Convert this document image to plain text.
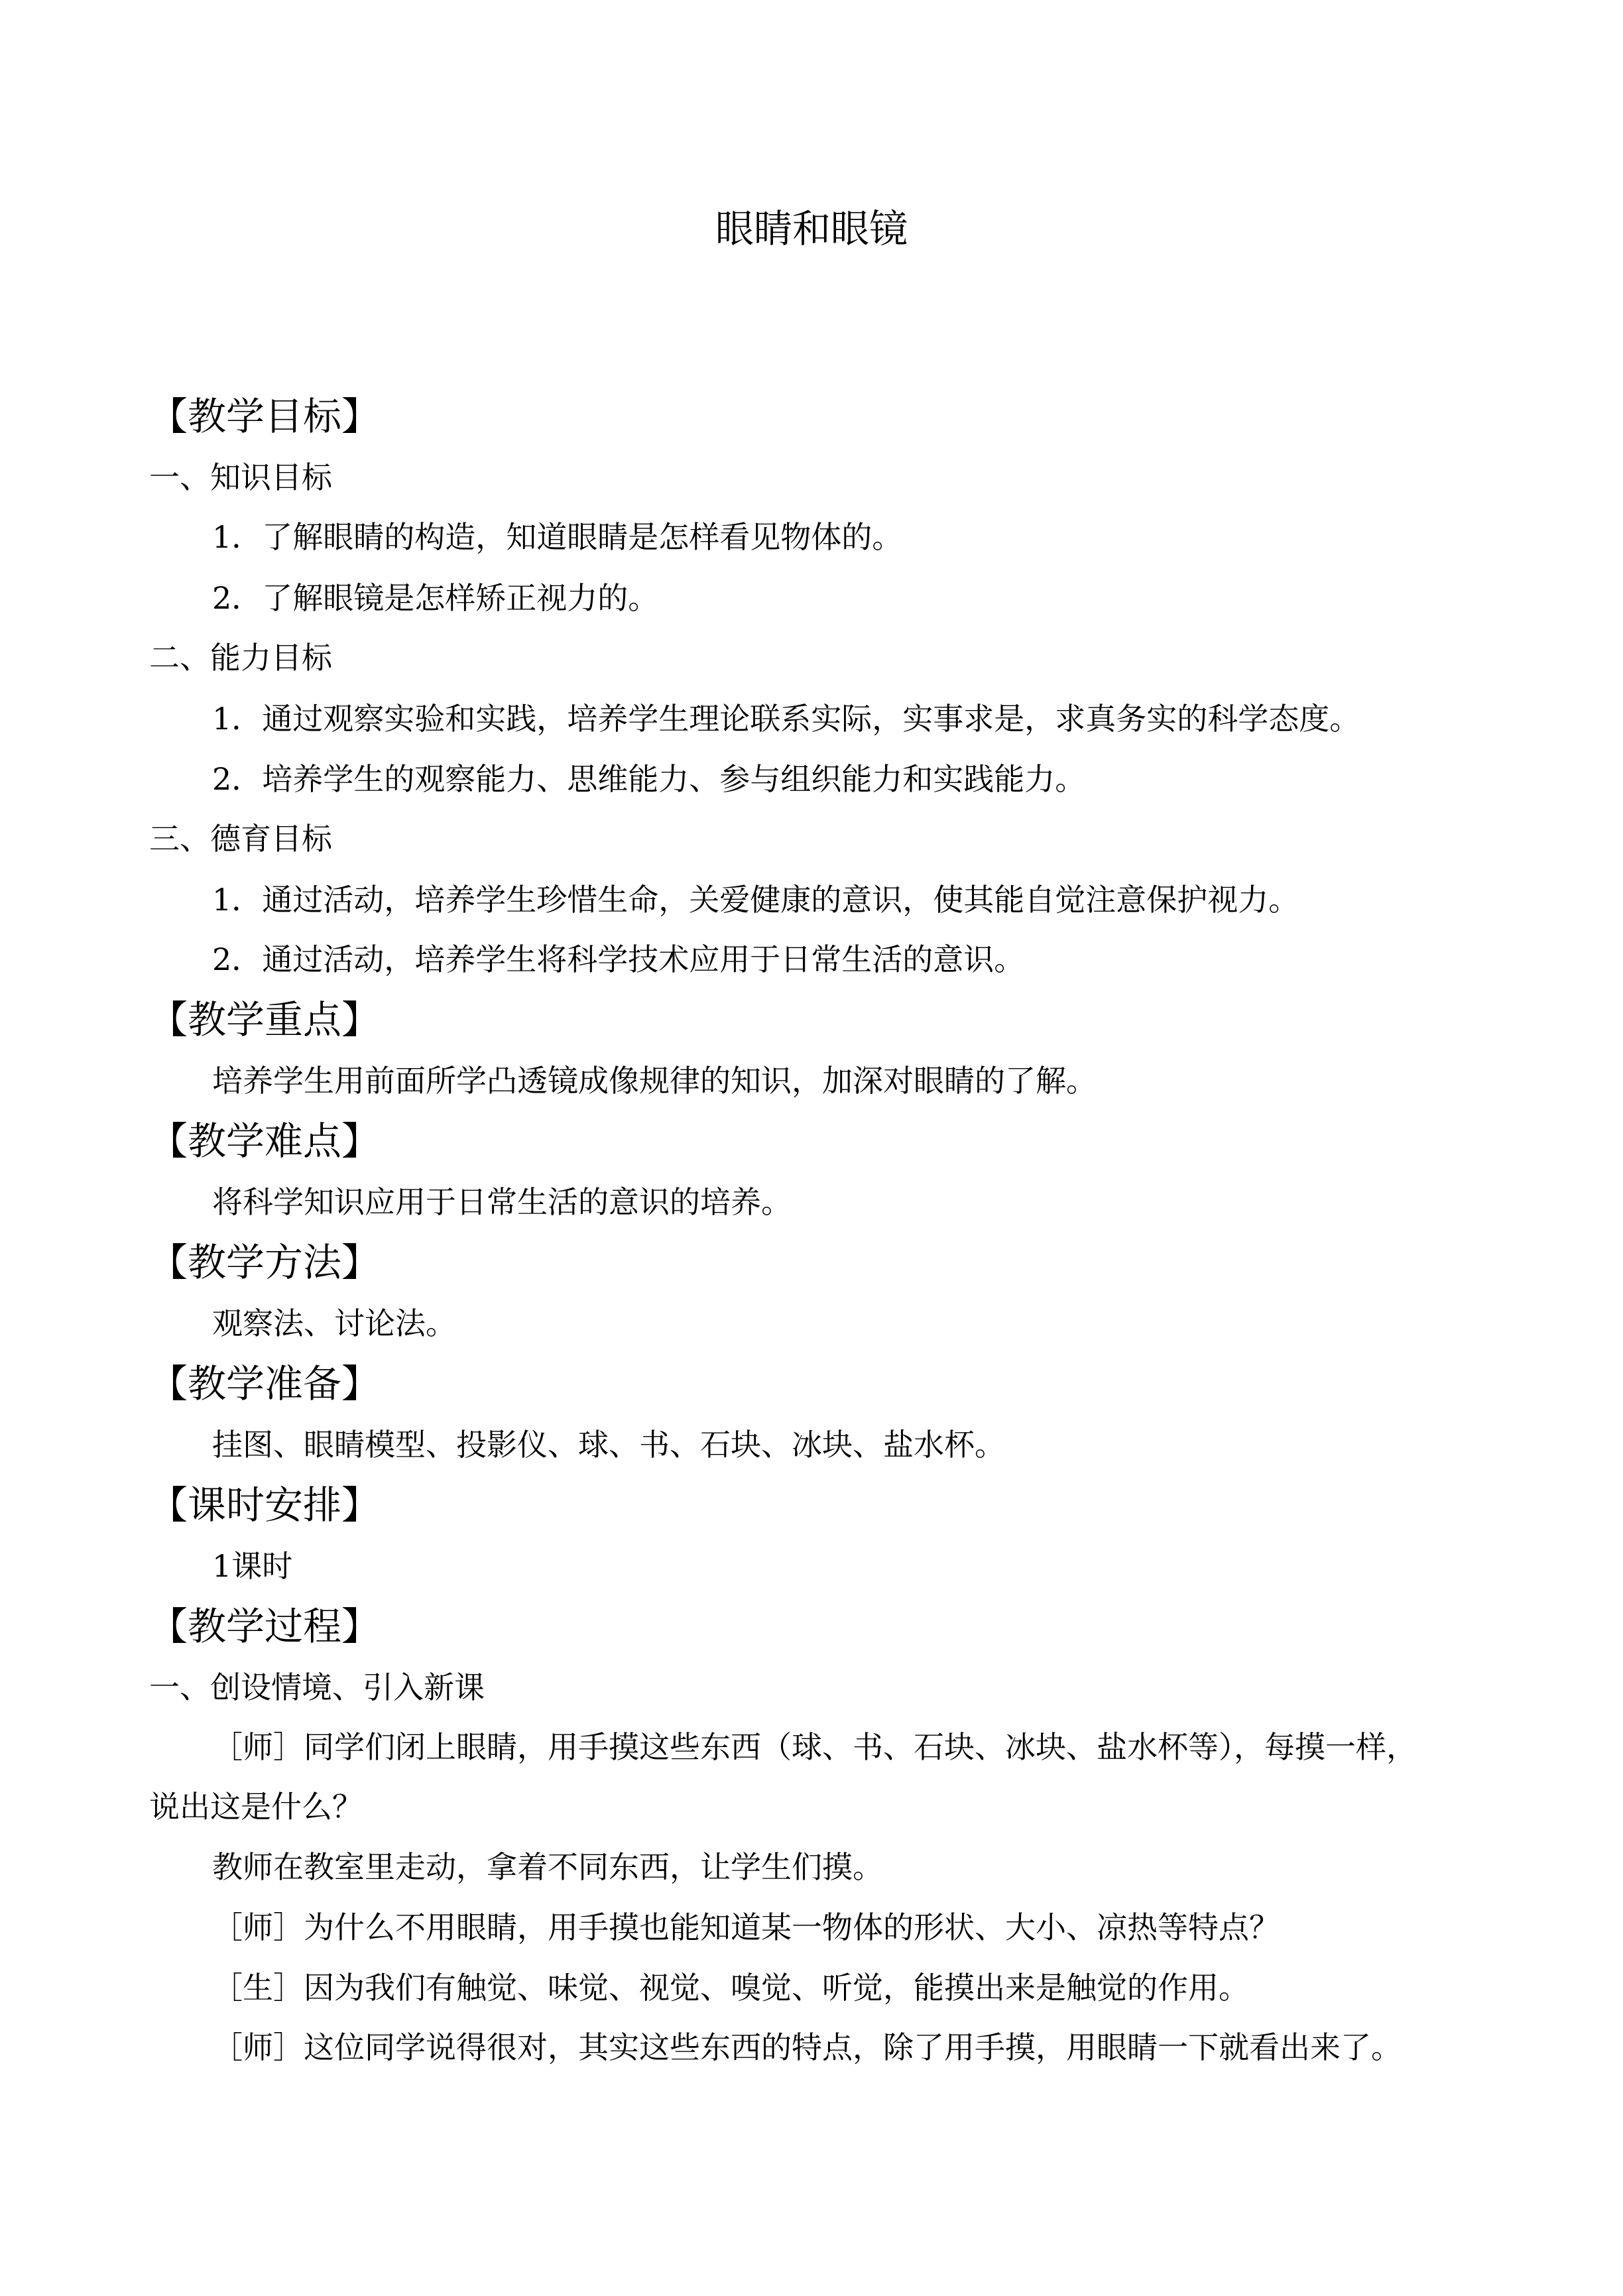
眼睛和眼镜
【教学目标】
一、知识目标
1．了解眼睛的构造，知道眼睛是怎样看见物体的。
2．了解眼镜是怎样矫正视力的。
二、能力目标
1．通过观察实验和实践，培养学生理论联系实际，实事求是，求真务实的科学态度。
2．培养学生的观察能力、思维能力、参与组织能力和实践能力。
三、德育目标
1．通过活动，培养学生珍惜生命，关爱健康的意识，使其能自觉注意保护视力。
2．通过活动，培养学生将科学技术应用于日常生活的意识。
【教学重点】
培养学生用前面所学凸透镜成像规律的知识，加深对眼睛的了解。
【教学难点】
将科学知识应用于日常生活的意识的培养。
【教学方法】
观察法、讨论法。
【教学准备】
挂图、眼睛模型、投影仪、球、书、石块、冰块、盐水杯。
【课时安排】
1课时
【教学过程】
一、创设情境、引入新课
［师］同学们闭上眼睛，用手摸这些东西（球、书、石块、冰块、盐水杯等），每摸一样，
说出这是什么？
教师在教室里走动，拿着不同东西，让学生们摸。
［师］为什么不用眼睛，用手摸也能知道某一物体的形状、大小、凉热等特点？
［生］因为我们有触觉、味觉、视觉、嗅觉、听觉，能摸出来是触觉的作用。
［师］这位同学说得很对，其实这些东西的特点，除了用手摸，用眼睛一下就看出来了。
